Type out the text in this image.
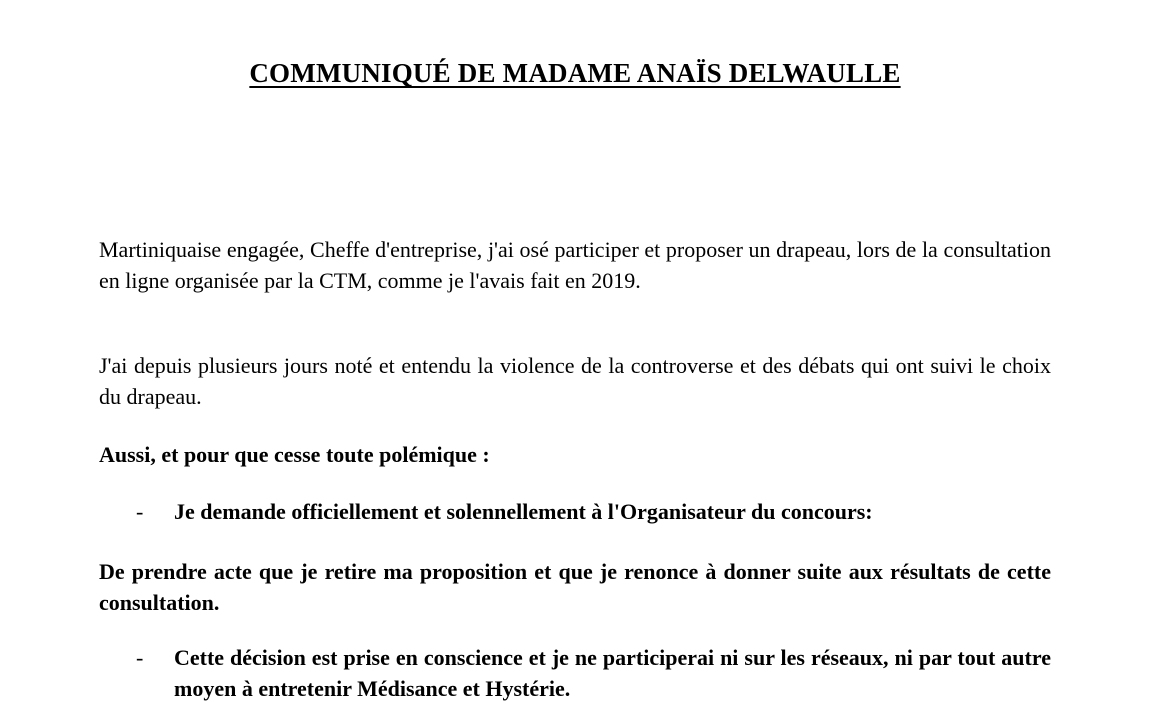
COMMUNIQUÉ DE MADAME ANAÏS DELWAULLE

Martiniquaise engagée, Cheffe d'entreprise, j'ai osé participer et proposer un drapeau, lors de la consultation en ligne organisée par la CTM, comme je l'avais fait en 2019.

J'ai depuis plusieurs jours noté et entendu la violence de la controverse et des débats qui ont suivi le choix du drapeau.

Aussi, et pour que cesse toute polémique :

- Je demande officiellement et solennellement à l'Organisateur du concours:

De prendre acte que je retire ma proposition et que je renonce à donner suite aux résultats de cette consultation.

- Cette décision est prise en conscience et je ne participerai ni sur les réseaux, ni par tout autre moyen à entretenir Médisance et Hystérie.
